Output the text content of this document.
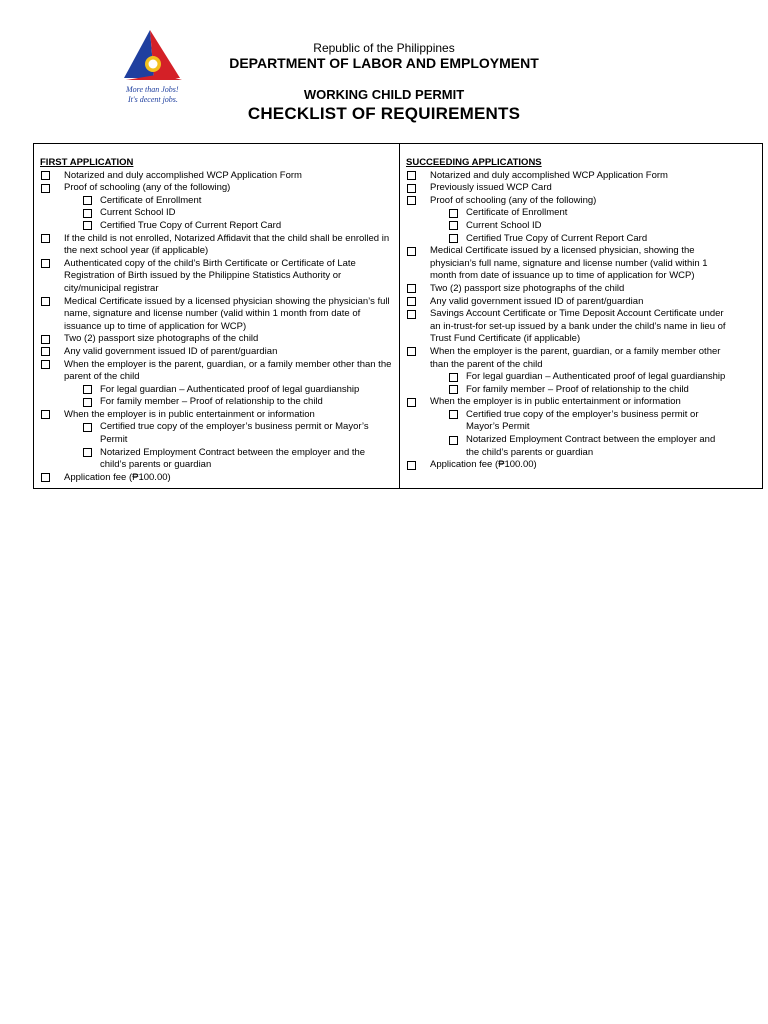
More than Jobs!
It's decent jobs.
Republic of the Philippines
DEPARTMENT OF LABOR AND EMPLOYMENT
WORKING CHILD PERMIT
CHECKLIST OF REQUIREMENTS
FIRST APPLICATION
Notarized and duly accomplished WCP Application Form
Proof of schooling (any of the following)
Certificate of Enrollment
Current School ID
Certified True Copy of Current Report Card
If the child is not enrolled, Notarized Affidavit that the child shall be enrolled in
the next school year (if applicable)
Authenticated copy of the child’s Birth Certificate or Certificate of Late
Registration of Birth issued by the Philippine Statistics Authority or
city/municipal registrar
Medical Certificate issued by a licensed physician showing the physician’s full
name, signature and license number (valid within 1 month from date of
issuance up to time of application for WCP)
Two (2) passport size photographs of the child
Any valid government issued ID of parent/guardian
When the employer is the parent, guardian, or a family member other than the
parent of the child
For legal guardian – Authenticated proof of legal guardianship
For family member – Proof of relationship to the child
When the employer is in public entertainment or information
Certified true copy of the employer’s business permit or Mayor’s
Permit
Notarized Employment Contract between the employer and the
child’s parents or guardian
Application fee (₱100.00)
SUCCEEDING APPLICATIONS
Notarized and duly accomplished WCP Application Form
Previously issued WCP Card
Proof of schooling (any of the following)
Certificate of Enrollment
Current School ID
Certified True Copy of Current Report Card
Medical Certificate issued by a licensed physician, showing the
physician’s full name, signature and license number (valid within 1
month from date of issuance up to time of application for WCP)
Two (2) passport size photographs of the child
Any valid government issued ID of parent/guardian
Savings Account Certificate or Time Deposit Account Certificate under
an in-trust-for set-up issued by a bank under the child’s name in lieu of
Trust Fund Certificate (if applicable)
When the employer is the parent, guardian, or a family member other
than the parent of the child
For legal guardian – Authenticated proof of legal guardianship
For family member – Proof of relationship to the child
When the employer is in public entertainment or information
Certified true copy of the employer’s business permit or
Mayor’s Permit
Notarized Employment Contract between the employer and
the child’s parents or guardian
Application fee (₱100.00)
